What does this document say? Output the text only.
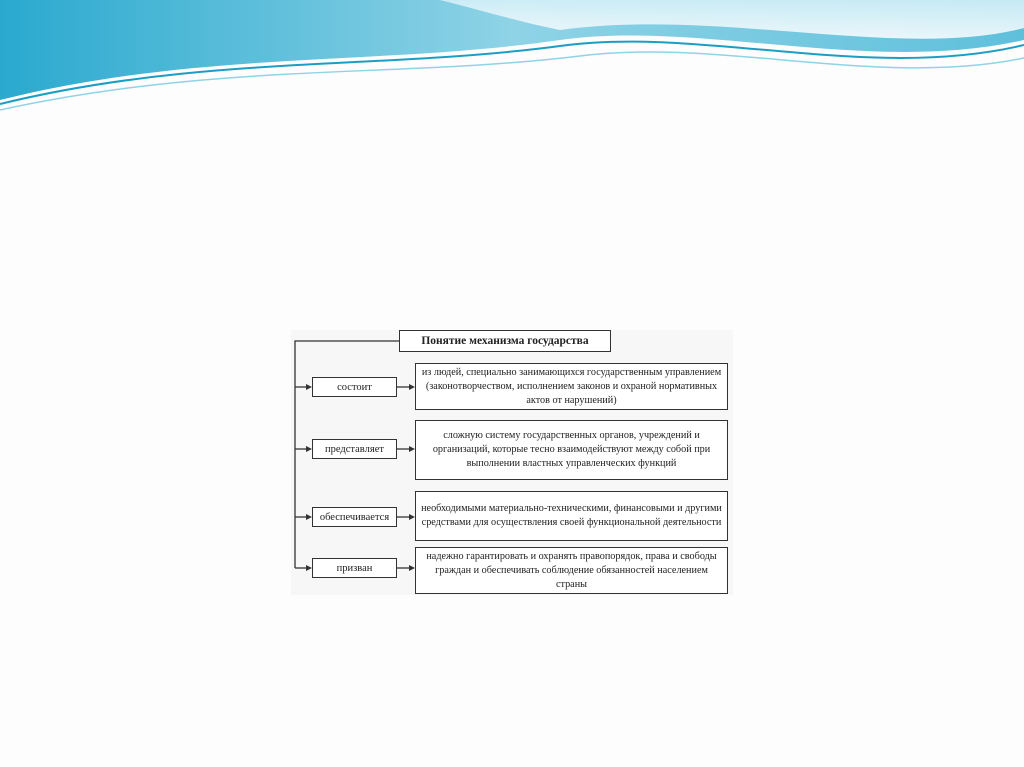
Понятие механизма государства
состоит
из людей, специально занимающихся государственным управлением (законотворчеством, исполнением законов и охраной нормативных актов от нарушений)
представляет
сложную систему государственных органов, учреждений и организаций, которые тесно взаимодействуют между собой при выполнении властных управленческих функций
обеспечивается
необходимыми материально-техническими, финансовыми и другими средствами для осуществления своей функциональной деятельности
призван
надежно гарантировать и охранять правопорядок, права и свободы граждан и обеспечивать соблюдение обязанностей населением страны
